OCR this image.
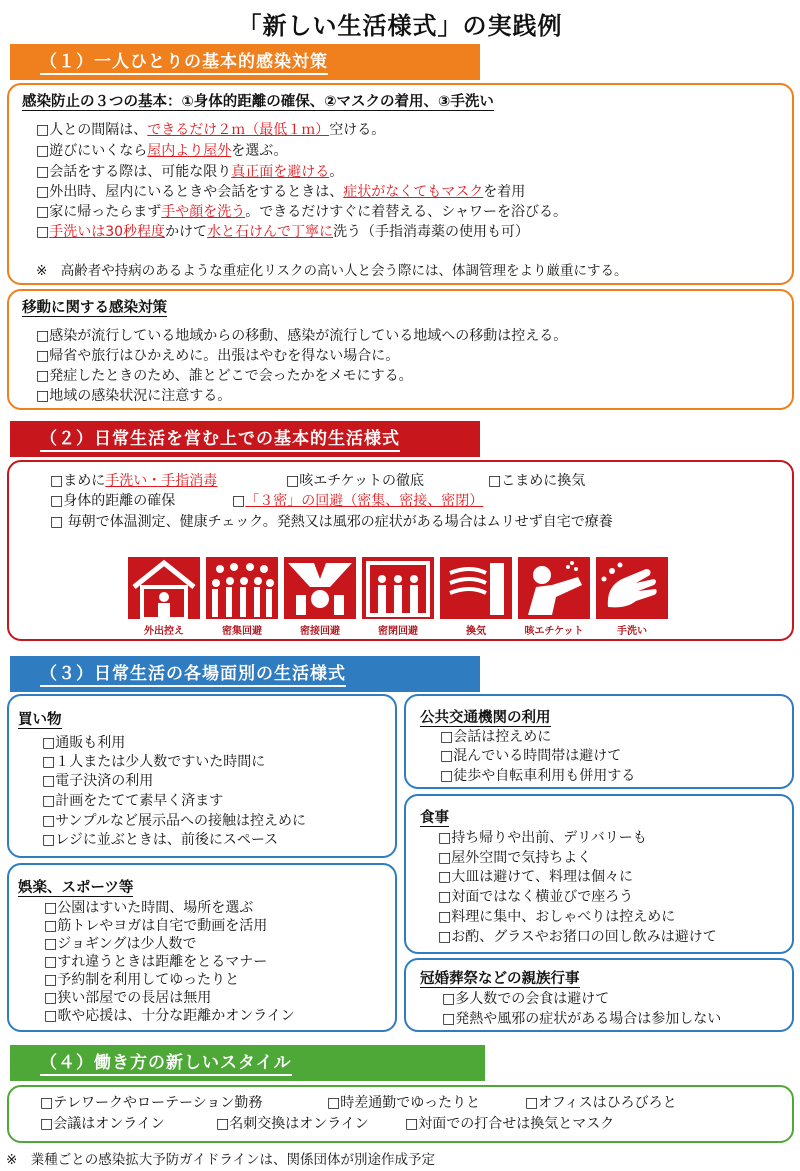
「新しい生活様式」の実践例
（１）一人ひとりの基本的感染対策
感染防止の３つの基本：①身体的距離の確保、②マスクの着用、③手洗い
□人との間隔は、できるだけ２ｍ（最低１ｍ）空ける。
□遊びにいくなら屋内より屋外を選ぶ。
□会話をする際は、可能な限り真正面を避ける。
□外出時、屋内にいるときや会話をするときは、症状がなくてもマスクを着用
□家に帰ったらまず手や顔を洗う。できるだけすぐに着替える、シャワーを浴びる。
□手洗いは30秒程度かけて水と石けんで丁寧に洗う（手指消毒薬の使用も可）
※　高齢者や持病のあるような重症化リスクの高い人と会う際には、体調管理をより厳重にする。
移動に関する感染対策
□感染が流行している地域からの移動、感染が流行している地域への移動は控える。
□帰省や旅行はひかえめに。出張はやむを得ない場合に。
□発症したときのため、誰とどこで会ったかをメモにする。
□地域の感染状況に注意する。
（２）日常生活を営む上での基本的生活様式
□まめに手洗い・手指消毒	□咳エチケットの徹底	□こまめに換気
□身体的距離の確保	□「３密」の回避（密集、密接、密閉）
□ 毎朝で体温測定、健康チェック。発熱又は風邪の症状がある場合はムリせず自宅で療養
外出控え	密集回避	密接回避	密閉回避	換気	咳エチケット	手洗い
（３）日常生活の各場面別の生活様式
買い物
□通販も利用
□１人または少人数ですいた時間に
□電子決済の利用
□計画をたてて素早く済ます
□サンプルなど展示品への接触は控えめに
□レジに並ぶときは、前後にスペース
娯楽、スポーツ等
□公園はすいた時間、場所を選ぶ
□筋トレやヨガは自宅で動画を活用
□ジョギングは少人数で
□すれ違うときは距離をとるマナー
□予約制を利用してゆったりと
□狭い部屋での長居は無用
□歌や応援は、十分な距離かオンライン
公共交通機関の利用
□会話は控えめに
□混んでいる時間帯は避けて
□徒歩や自転車利用も併用する
食事
□持ち帰りや出前、デリバリーも
□屋外空間で気持ちよく
□大皿は避けて、料理は個々に
□対面ではなく横並びで座ろう
□料理に集中、おしゃべりは控えめに
□お酌、グラスやお猪口の回し飲みは避けて
冠婚葬祭などの親族行事
□多人数での会食は避けて
□発熱や風邪の症状がある場合は参加しない
（４）働き方の新しいスタイル
□テレワークやローテーション勤務	□時差通勤でゆったりと	□オフィスはひろびろと
□会議はオンライン	□名刺交換はオンライン	□対面での打合せは換気とマスク
※　業種ごとの感染拡大予防ガイドラインは、関係団体が別途作成予定
